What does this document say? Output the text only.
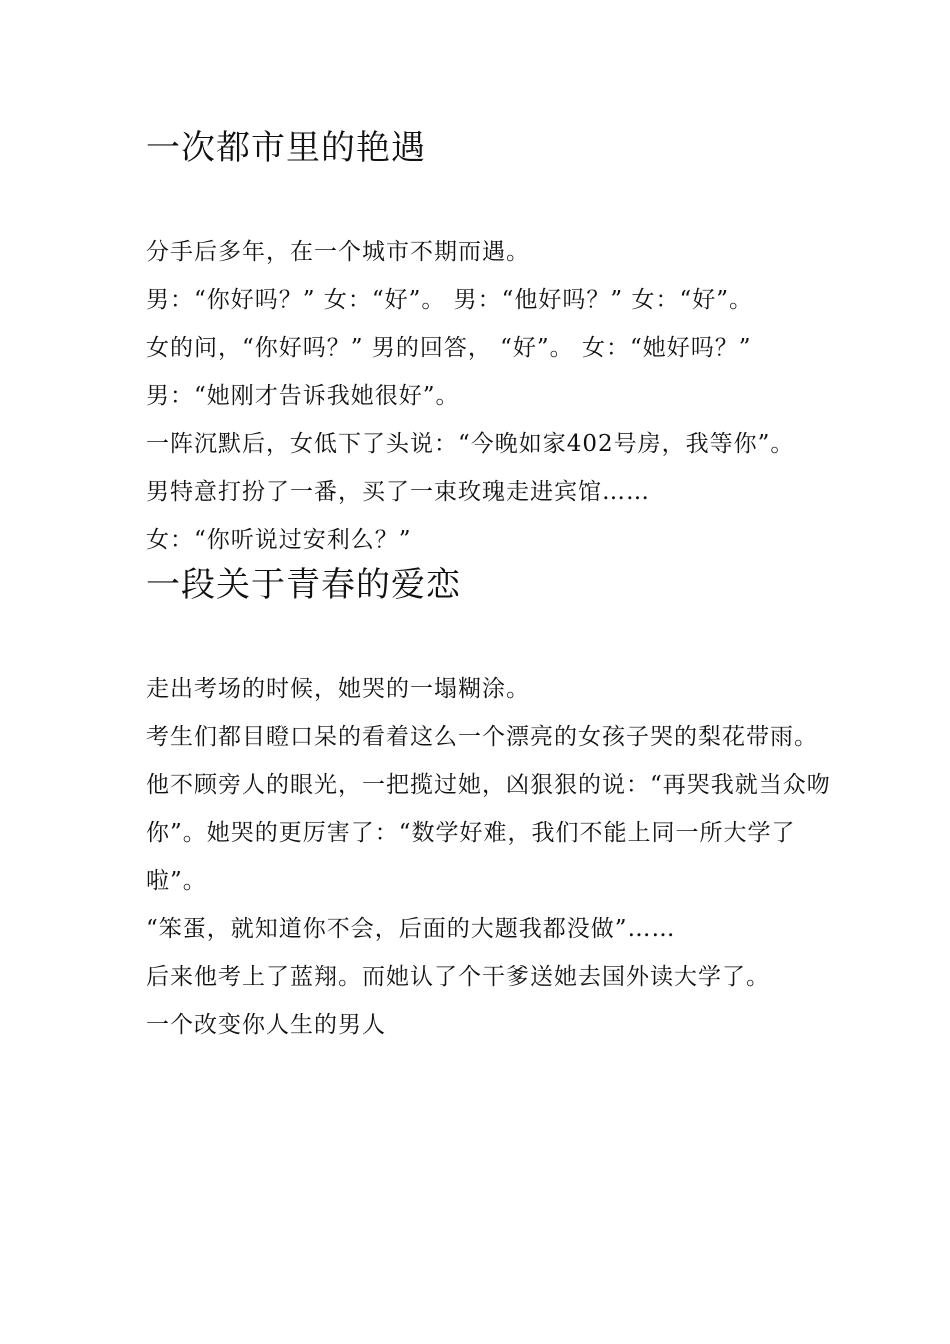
一次都市里的艳遇

分手后多年，在一个城市不期而遇。

男：“你好吗？” 女：“好”。 男：“他好吗？” 女：“好”。

女的问，“你好吗？” 男的回答， “好”。 女：“她好吗？” 男：“她刚才告诉我她很好”。

一阵沉默后，女低下了头说：“今晚如家402号房，我等你”。

男特意打扮了一番，买了一束玫瑰走进宾馆……

女：“你听说过安利么？”

一段关于青春的爱恋

走出考场的时候，她哭的一塌糊涂。

考生们都目瞪口呆的看着这么一个漂亮的女孩子哭的梨花带雨。

他不顾旁人的眼光，一把揽过她，凶狠狠的说：“再哭我就当众吻你”。她哭的更厉害了：“数学好难，我们不能上同一所大学了啦”。

“笨蛋，就知道你不会，后面的大题我都没做”……

后来他考上了蓝翔。而她认了个干爹送她去国外读大学了。

一个改变你人生的男人
